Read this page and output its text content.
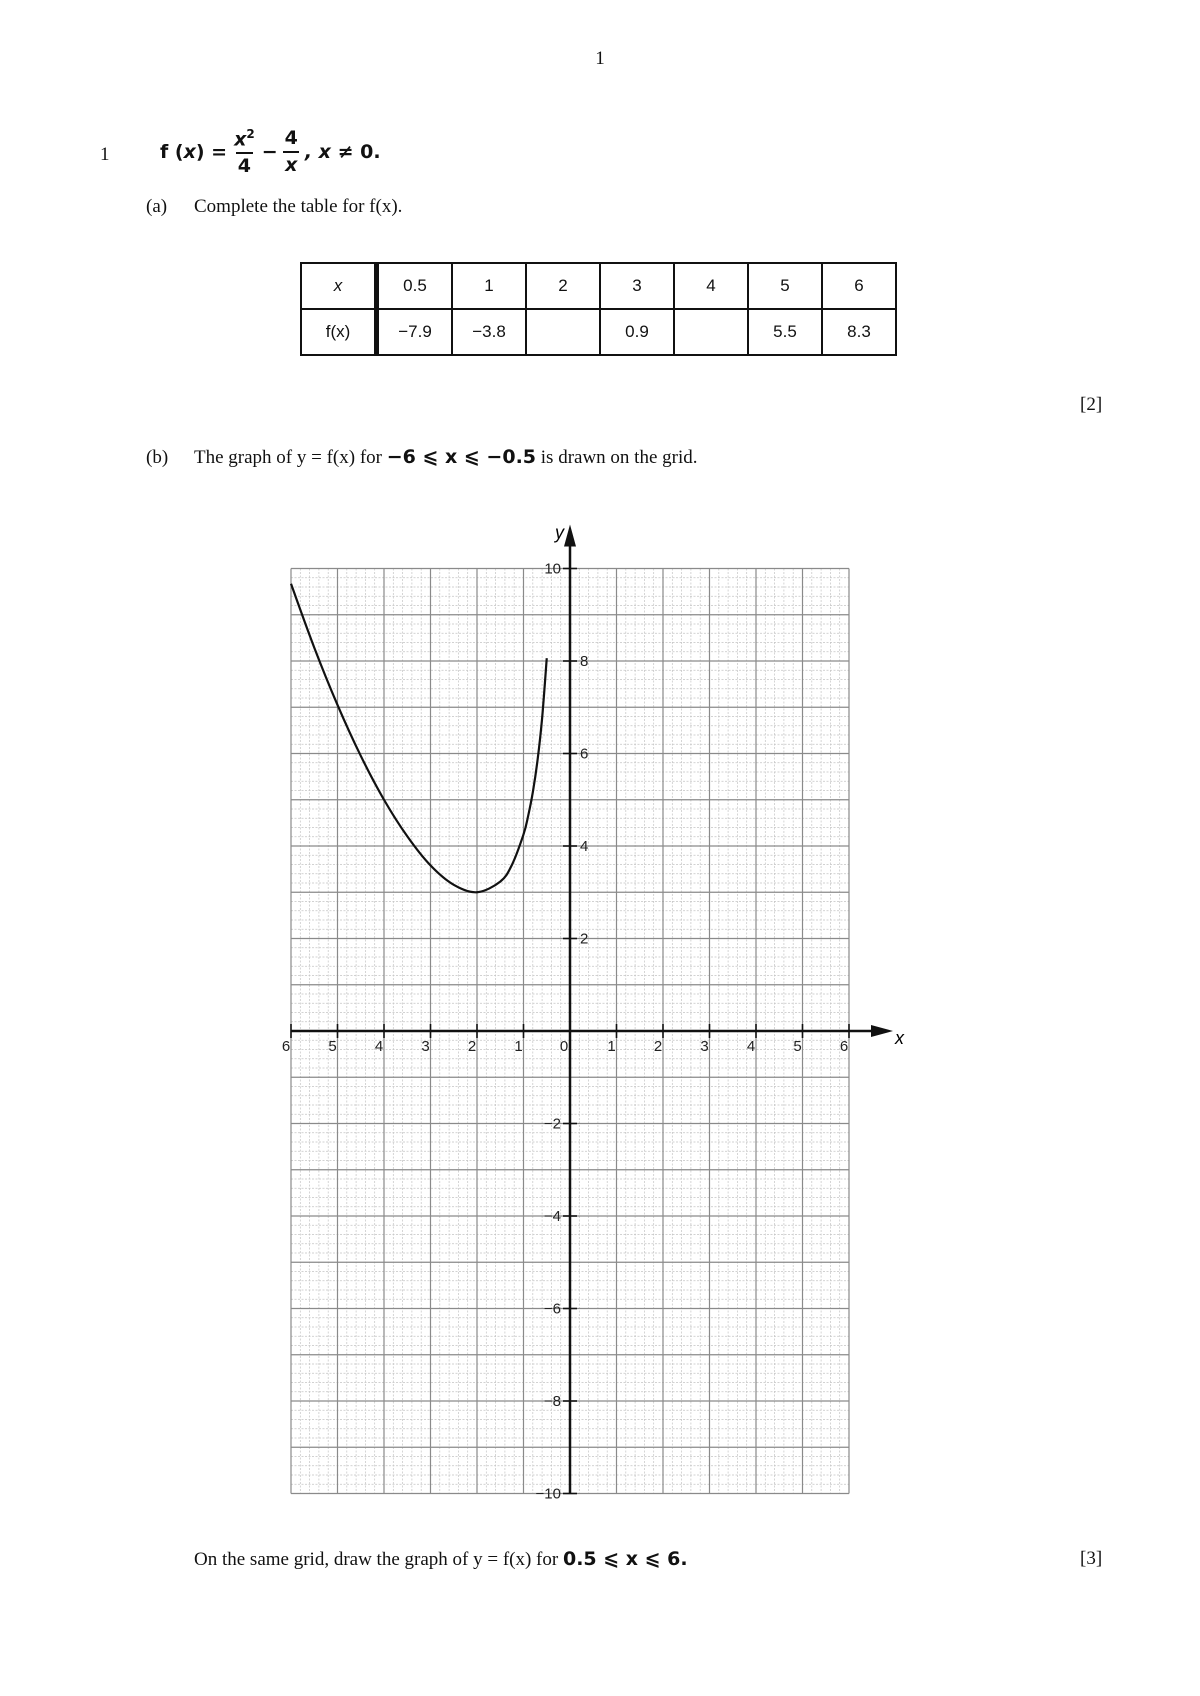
1
1	f $(x) = \frac{x^2}{4} - \frac{4}{x}$ , x ≠ 0.
(a) Complete the table for f(x).
x	0.5	1	2	3	4	5	6
f(x)	−7.9	−3.8		0.9		5.5	8.3
[2]
(b) The graph of y = f(x) for −6 ⩽ x ⩽ −0.5 is drawn on the grid.
x
y
6	5	4	3	2	1 0	1	2	3	4	5	6
10
8
6
4
2
−2
−4
−6
−8
−10
On the same grid, draw the graph of y = f(x) for 0.5 ⩽ x ⩽ 6.	[3]
